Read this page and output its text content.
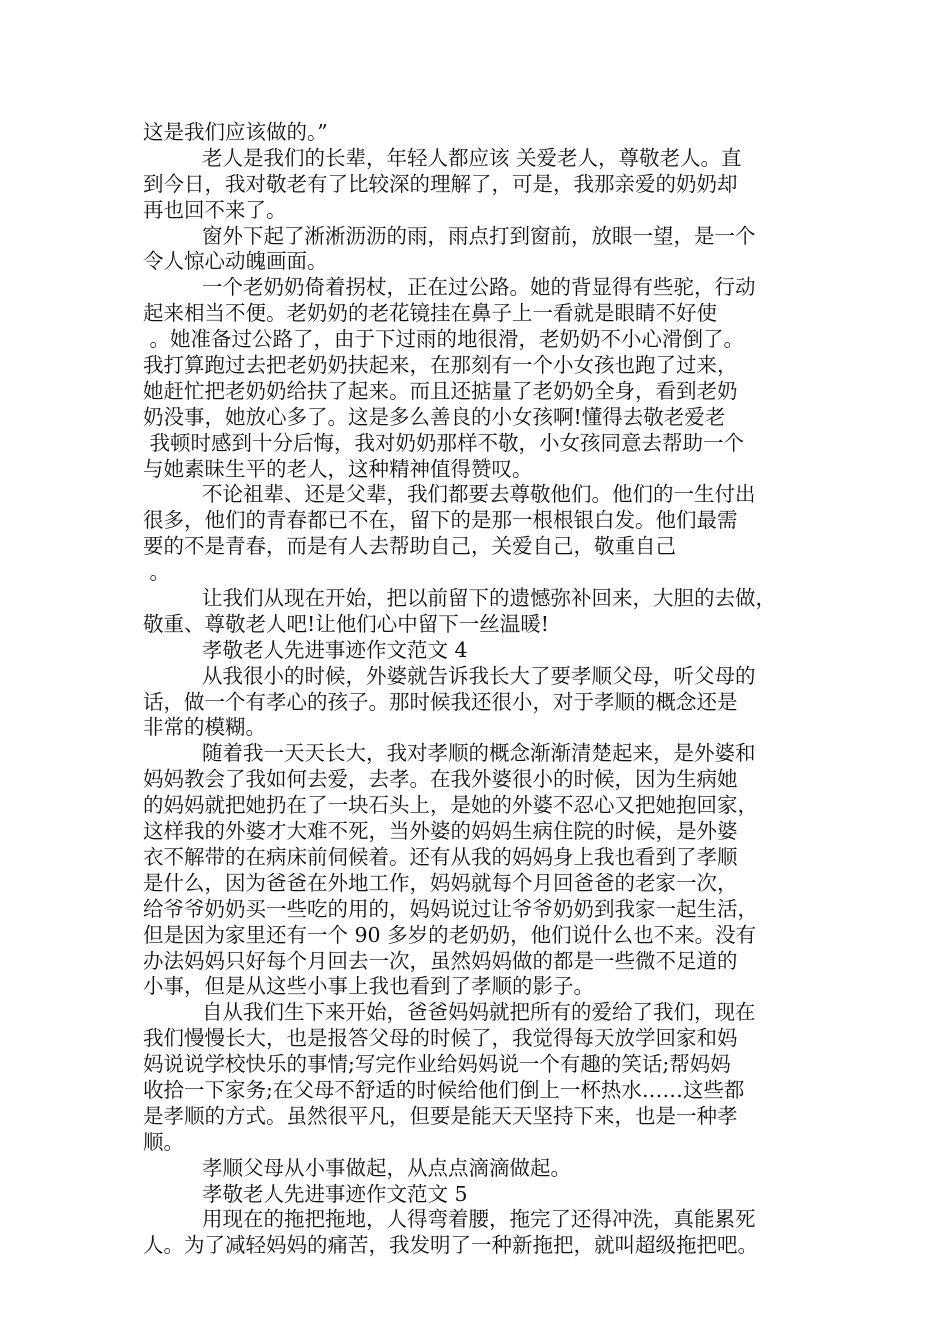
这是我们应该做的。”
老人是我们的长辈，年轻人都应该 关爱老人，尊敬老人。直
到今日，我对敬老有了比较深的理解了，可是，我那亲爱的奶奶却
再也回不来了。
窗外下起了淅淅沥沥的雨，雨点打到窗前，放眼一望，是一个
令人惊心动魄画面。
一个老奶奶倚着拐杖，正在过公路。她的背显得有些驼，行动
起来相当不便。老奶奶的老花镜挂在鼻子上一看就是眼睛不好使
。她准备过公路了，由于下过雨的地很滑，老奶奶不小心滑倒了。
我打算跑过去把老奶奶扶起来，在那刻有一个小女孩也跑了过来，
她赶忙把老奶奶给扶了起来。而且还掂量了老奶奶全身，看到老奶
奶没事，她放心多了。这是多么善良的小女孩啊!懂得去敬老爱老
我顿时感到十分后悔，我对奶奶那样不敬，小女孩同意去帮助一个
与她素昧生平的老人，这种精神值得赞叹。
不论祖辈、还是父辈，我们都要去尊敬他们。他们的一生付出
很多，他们的青春都已不在，留下的是那一根根银白发。他们最需
要的不是青春，而是有人去帮助自己，关爱自己，敬重自己
。
让我们从现在开始，把以前留下的遗憾弥补回来，大胆的去做，
敬重、尊敬老人吧!让他们心中留下一丝温暖!
孝敬老人先进事迹作文范文 4
从我很小的时候，外婆就告诉我长大了要孝顺父母，听父母的
话，做一个有孝心的孩子。那时候我还很小，对于孝顺的概念还是
非常的模糊。
随着我一天天长大，我对孝顺的概念渐渐清楚起来，是外婆和
妈妈教会了我如何去爱，去孝。在我外婆很小的时候，因为生病她
的妈妈就把她扔在了一块石头上，是她的外婆不忍心又把她抱回家，
这样我的外婆才大难不死，当外婆的妈妈生病住院的时候，是外婆
衣不解带的在病床前伺候着。还有从我的妈妈身上我也看到了孝顺
是什么，因为爸爸在外地工作，妈妈就每个月回爸爸的老家一次，
给爷爷奶奶买一些吃的用的，妈妈说过让爷爷奶奶到我家一起生活，
但是因为家里还有一个 90 多岁的老奶奶，他们说什么也不来。没有
办法妈妈只好每个月回去一次，虽然妈妈做的都是一些微不足道的
小事，但是从这些小事上我也看到了孝顺的影子。
自从我们生下来开始，爸爸妈妈就把所有的爱给了我们，现在
我们慢慢长大，也是报答父母的时候了，我觉得每天放学回家和妈
妈说说学校快乐的事情;写完作业给妈妈说一个有趣的笑话;帮妈妈
收拾一下家务;在父母不舒适的时候给他们倒上一杯热水……这些都
是孝顺的方式。虽然很平凡，但要是能天天坚持下来，也是一种孝
顺。
孝顺父母从小事做起，从点点滴滴做起。
孝敬老人先进事迹作文范文 5
用现在的拖把拖地，人得弯着腰，拖完了还得冲洗，真能累死
人。为了减轻妈妈的痛苦，我发明了一种新拖把，就叫超级拖把吧。
